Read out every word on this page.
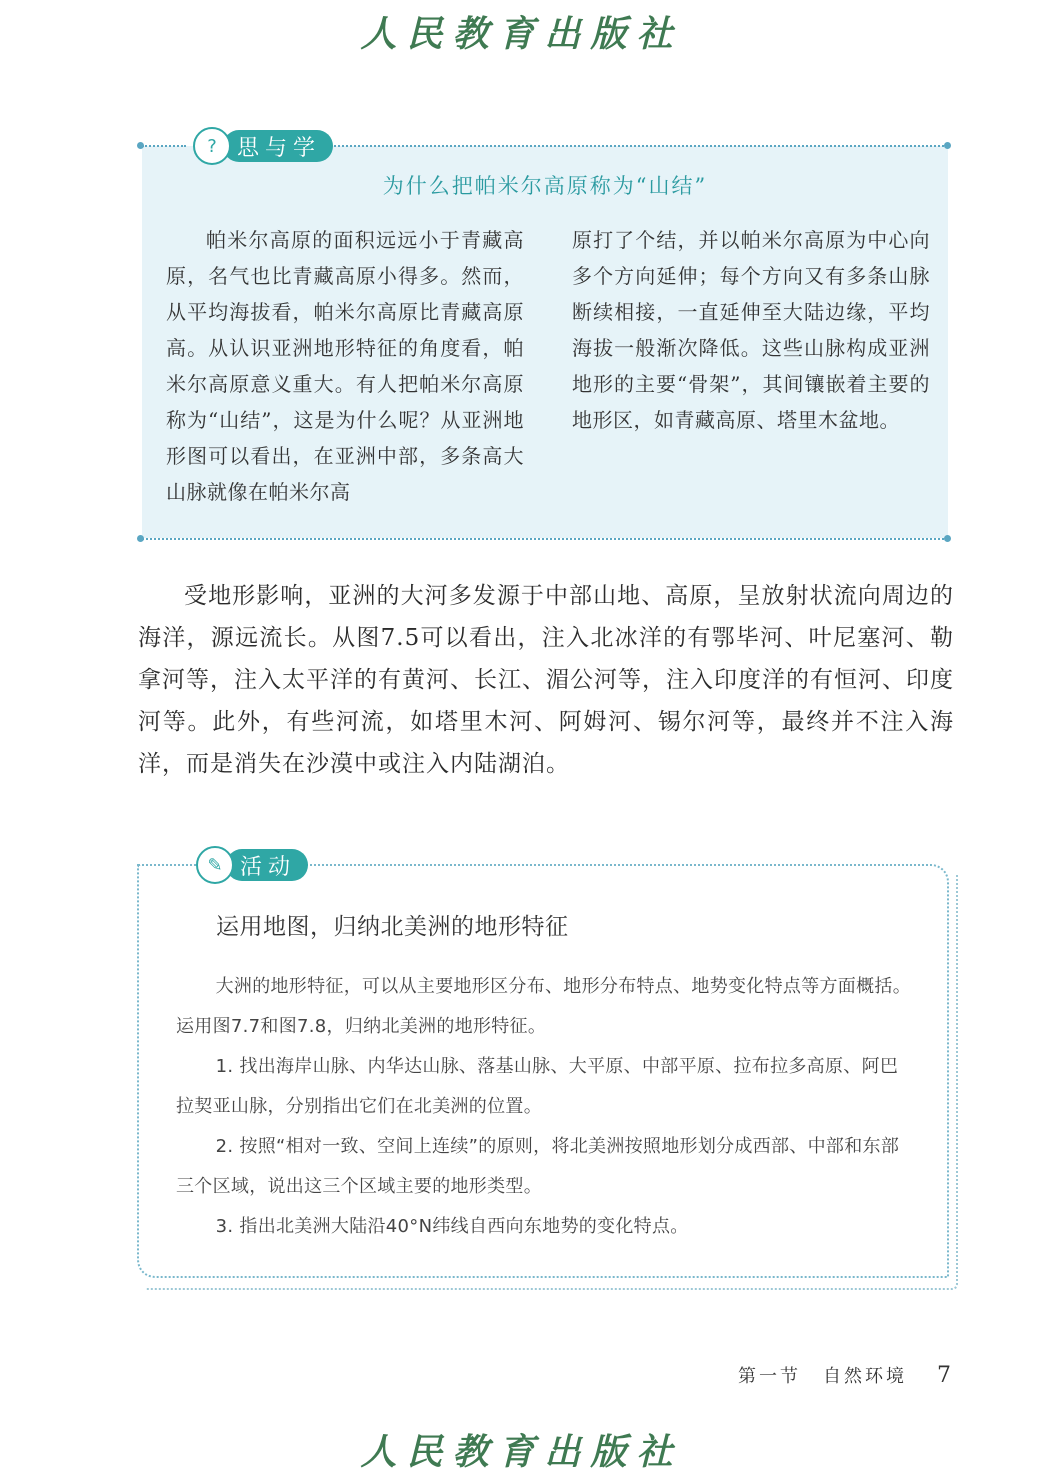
人民教育出版社
? 思与学
为什么把帕米尔高原称为“山结”

帕米尔高原的面积远远小于青藏高原，名气也比青藏高原小得多。然而，从平均海拔看，帕米尔高原比青藏高原高。从认识亚洲地形特征的角度看，帕米尔高原意义重大。有人把帕米尔高原称为“山结”，这是为什么呢？从亚洲地形图可以看出，在亚洲中部，多条高大山脉就像在帕米尔高

原打了个结，并以帕米尔高原为中心向多个方向延伸；每个方向又有多条山脉断续相接，一直延伸至大陆边缘，平均海拔一般渐次降低。这些山脉构成亚洲地形的主要“骨架”，其间镶嵌着主要的地形区，如青藏高原、塔里木盆地。

受地形影响，亚洲的大河多发源于中部山地、高原，呈放射状流向周边的海洋，源远流长。从图7.5可以看出，注入北冰洋的有鄂毕河、叶尼塞河、勒拿河等，注入太平洋的有黄河、长江、湄公河等，注入印度洋的有恒河、印度河等。此外，有些河流，如塔里木河、阿姆河、锡尔河等，最终并不注入海洋，而是消失在沙漠中或注入内陆湖泊。

✎ 活动
运用地图，归纳北美洲的地形特征

大洲的地形特征，可以从主要地形区分布、地形分布特点、地势变化特点等方面概括。运用图7.7和图7.8，归纳北美洲的地形特征。

1. 找出海岸山脉、内华达山脉、落基山脉、大平原、中部平原、拉布拉多高原、阿巴拉契亚山脉，分别指出它们在北美洲的位置。

2. 按照“相对一致、空间上连续”的原则，将北美洲按照地形划分成西部、中部和东部三个区域，说出这三个区域主要的地形类型。

3. 指出北美洲大陆沿40°N纬线自西向东地势的变化特点。

第一节 自然环境 7
人民教育出版社
